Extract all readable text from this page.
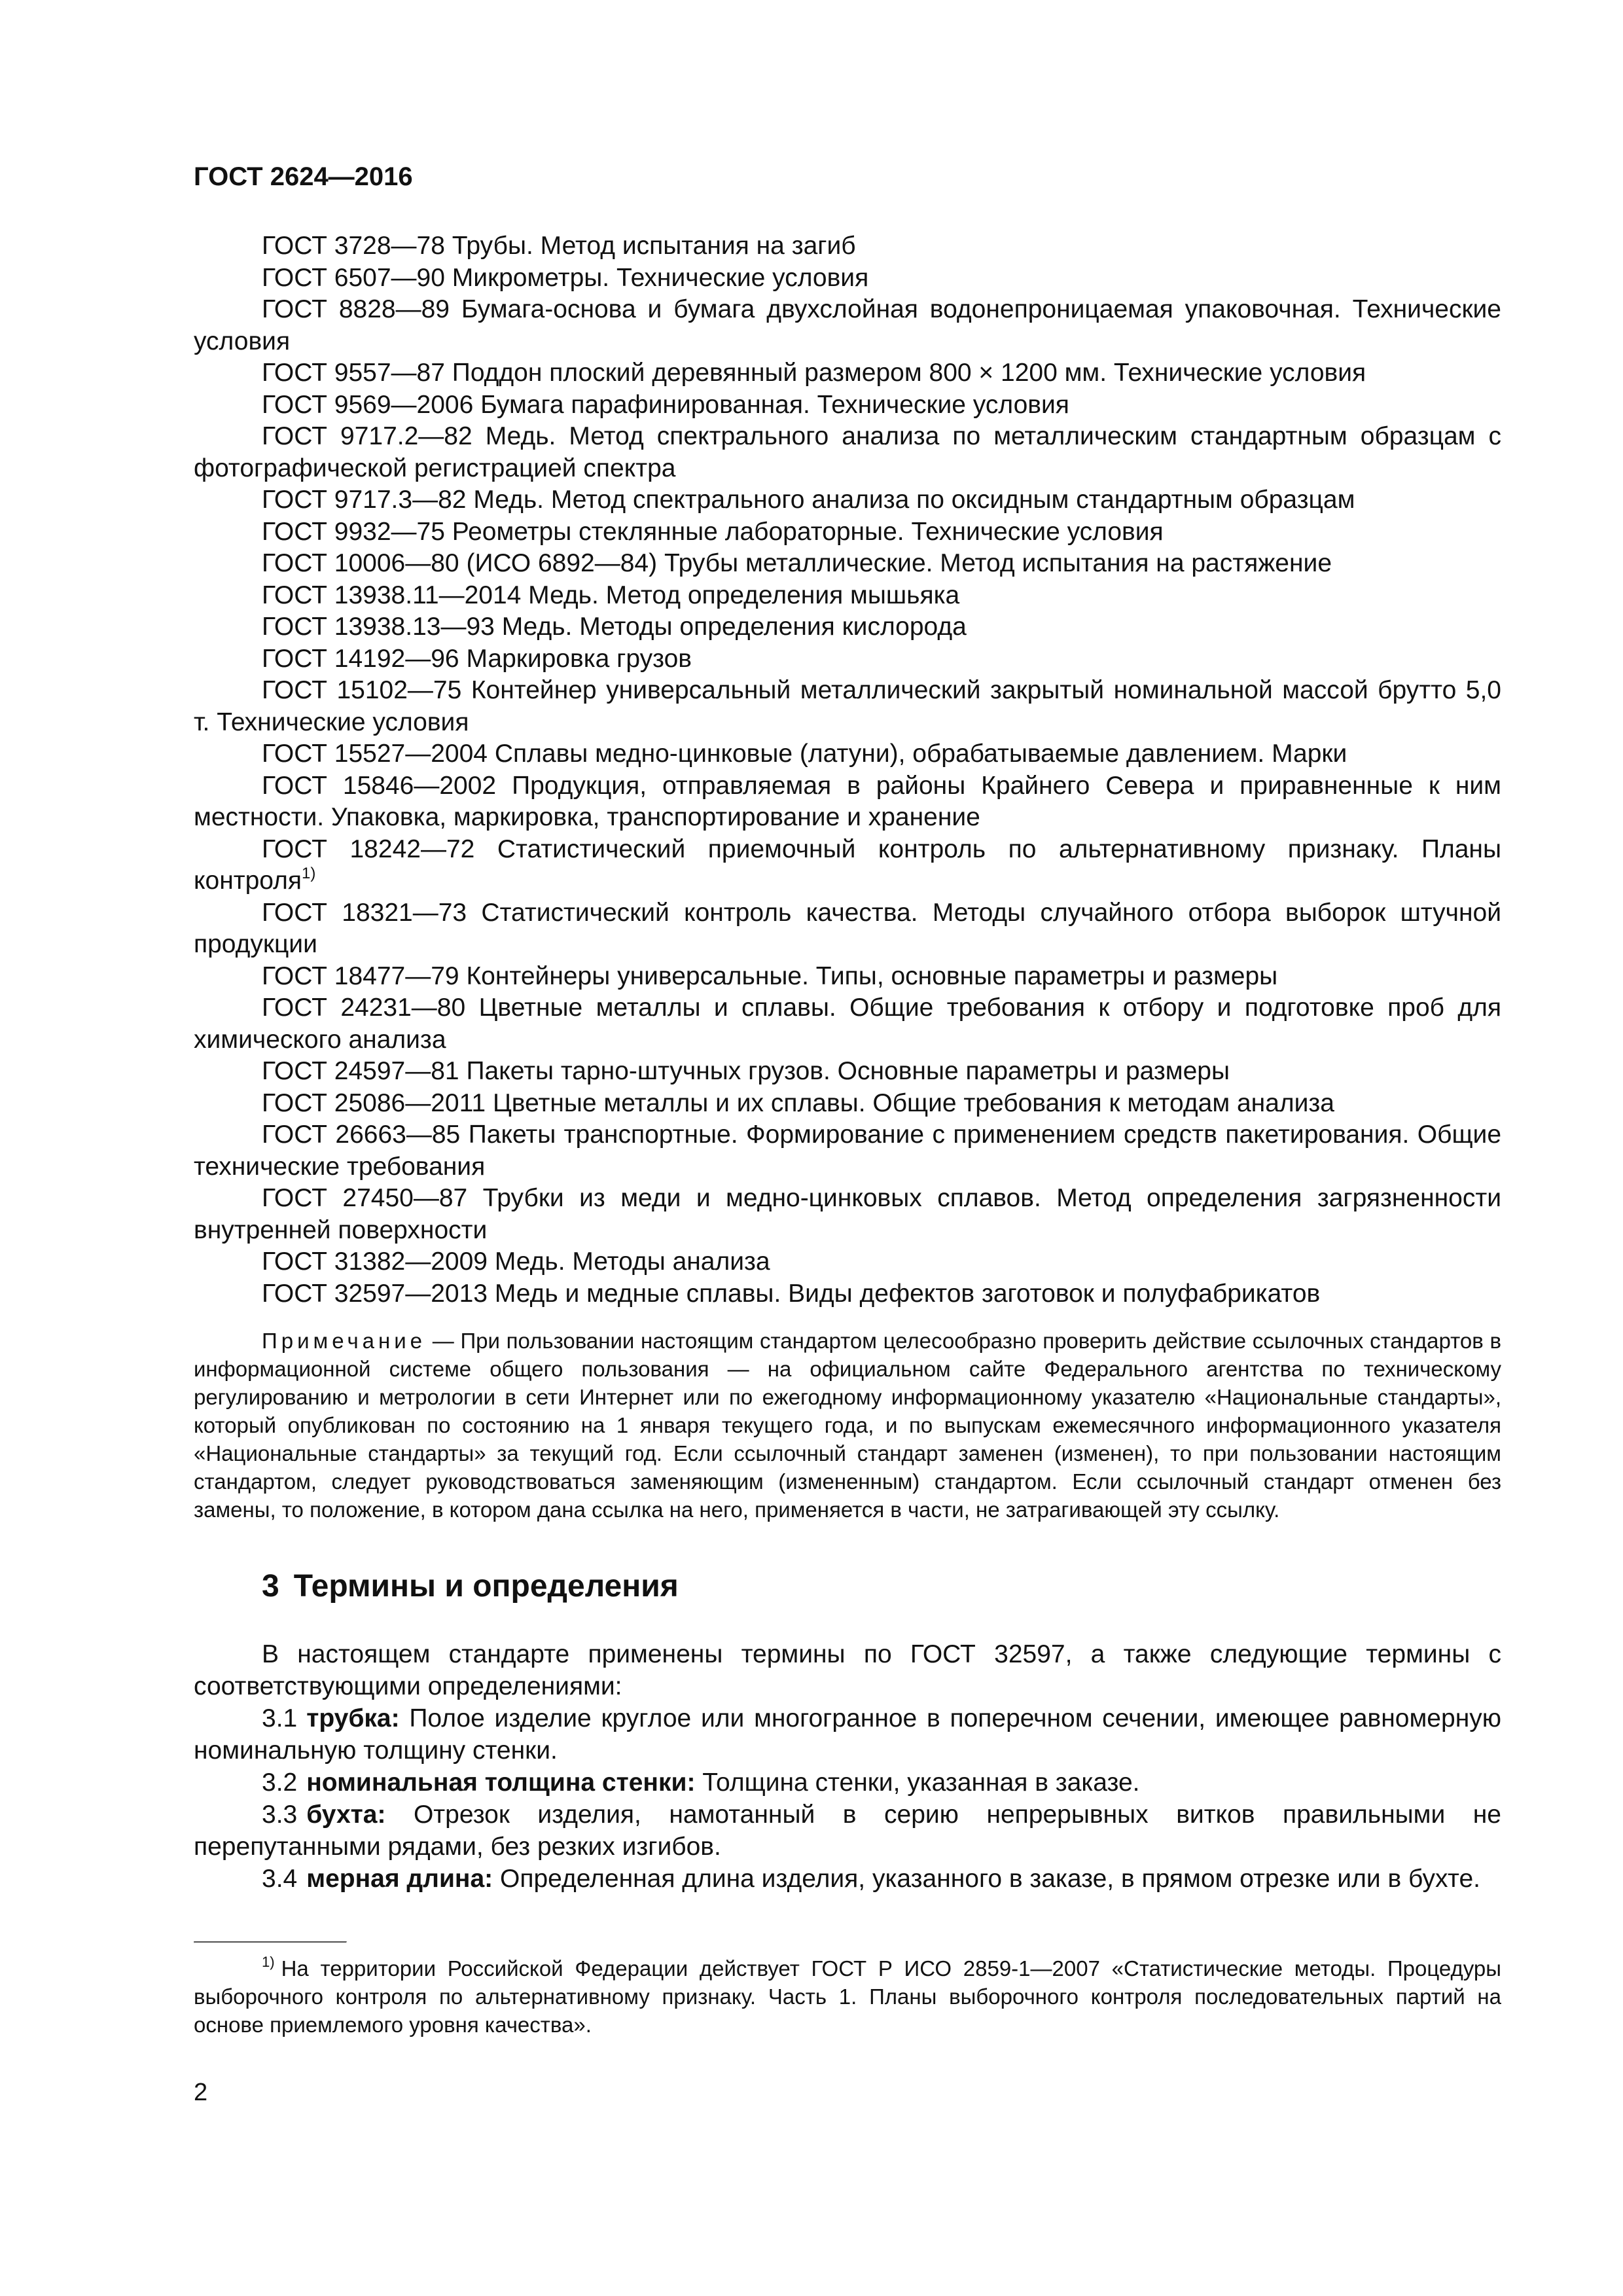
ГОСТ 2624—2016

ГОСТ 3728—78 Трубы. Метод испытания на загиб

ГОСТ 6507—90 Микрометры. Технические условия

ГОСТ 8828—89 Бумага-основа и бумага двухслойная водонепроницаемая упаковочная. Технические условия

ГОСТ 9557—87 Поддон плоский деревянный размером 800 × 1200 мм. Технические условия

ГОСТ 9569—2006 Бумага парафинированная. Технические условия

ГОСТ 9717.2—82 Медь. Метод спектрального анализа по металлическим стандартным образцам с фотографической регистрацией спектра

ГОСТ 9717.3—82 Медь. Метод спектрального анализа по оксидным стандартным образцам

ГОСТ 9932—75 Реометры стеклянные лабораторные. Технические условия

ГОСТ 10006—80 (ИСО 6892—84) Трубы металлические. Метод испытания на растяжение

ГОСТ 13938.11—2014 Медь. Метод определения мышьяка

ГОСТ 13938.13—93 Медь. Методы определения кислорода

ГОСТ 14192—96 Маркировка грузов

ГОСТ 15102—75 Контейнер универсальный металлический закрытый номинальной массой брутто 5,0 т. Технические условия

ГОСТ 15527—2004 Сплавы медно-цинковые (латуни), обрабатываемые давлением. Марки

ГОСТ 15846—2002 Продукция, отправляемая в районы Крайнего Севера и приравненные к ним местности. Упаковка, маркировка, транспортирование и хранение

ГОСТ 18242—72 Статистический приемочный контроль по альтернативному признаку. Планы контроля$^{1)}$

ГОСТ 18321—73 Статистический контроль качества. Методы случайного отбора выборок штучной продукции

ГОСТ 18477—79 Контейнеры универсальные. Типы, основные параметры и размеры

ГОСТ 24231—80 Цветные металлы и сплавы. Общие требования к отбору и подготовке проб для химического анализа

ГОСТ 24597—81 Пакеты тарно-штучных грузов. Основные параметры и размеры

ГОСТ 25086—2011 Цветные металлы и их сплавы. Общие требования к методам анализа

ГОСТ 26663—85 Пакеты транспортные. Формирование с применением средств пакетирования. Общие технические требования

ГОСТ 27450—87 Трубки из меди и медно-цинковых сплавов. Метод определения загрязненности внутренней поверхности

ГОСТ 31382—2009 Медь. Методы анализа

ГОСТ 32597—2013 Медь и медные сплавы. Виды дефектов заготовок и полуфабрикатов

Примечание — При пользовании настоящим стандартом целесообразно проверить действие ссылочных стандартов в информационной системе общего пользования — на официальном сайте Федерального агентства по техническому регулированию и метрологии в сети Интернет или по ежегодному информационному указателю «Национальные стандарты», который опубликован по состоянию на 1 января текущего года, и по выпускам ежемесячного информационного указателя «Национальные стандарты» за текущий год. Если ссылочный стандарт заменен (изменен), то при пользовании настоящим стандартом, следует руководствоваться заменяющим (измененным) стандартом. Если ссылочный стандарт отменен без замены, то положение, в котором дана ссылка на него, применяется в части, не затрагивающей эту ссылку.

3 Термины и определения

В настоящем стандарте применены термины по ГОСТ 32597, а также следующие термины с соответствующими определениями:

3.1 трубка: Полое изделие круглое или многогранное в поперечном сечении, имеющее равномерную номинальную толщину стенки.

3.2 номинальная толщина стенки: Толщина стенки, указанная в заказе.

3.3 бухта: Отрезок изделия, намотанный в серию непрерывных витков правильными не перепутанными рядами, без резких изгибов.

3.4 мерная длина: Определенная длина изделия, указанного в заказе, в прямом отрезке или в бухте.

$^{1)}$ На территории Российской Федерации действует ГОСТ Р ИСО 2859-1—2007 «Статистические методы. Процедуры выборочного контроля по альтернативному признаку. Часть 1. Планы выборочного контроля последовательных партий на основе приемлемого уровня качества».

2
